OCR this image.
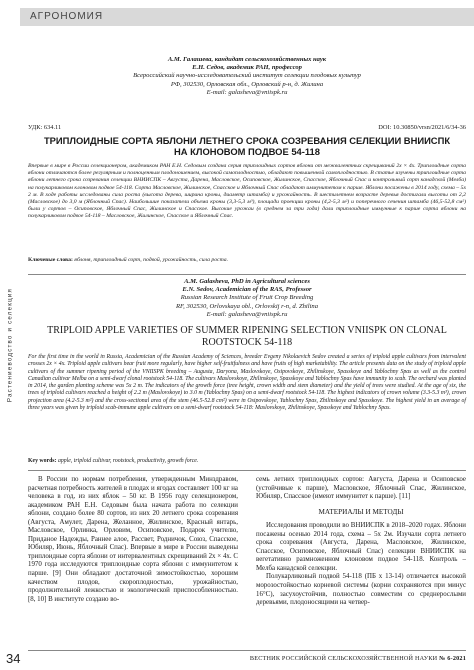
АГРОНОМИЯ
Растениеводство и селекция
А.М. Галашева, кандидат сельскохозяйственных наук
Е.Н. Седов, академик РАН, профессор
Всероссийский научно-исследовательский институт селекции плодовых культур
РФ, 302530, Орловская обл., Орловский р-н, д. Жилина
E-mail: galasheva@vniispk.ru
УДК: 634.11	DOI: 10.30850/vrsn/2021/6/34-36
ТРИПЛОИДНЫЕ СОРТА ЯБЛОНИ ЛЕТНЕГО СРОКА СОЗРЕВАНИЯ СЕЛЕКЦИИ ВНИИСПК НА КЛОНОВОМ ПОДВОЕ 54-118
Впервые в мире в России селекционером, академиком РАН Е.Н. Седовым создана серия триплоидных сортов яблони от межвалентных скрещиваний 2x × 4x. Триплоидные сорта яблони отличаются более регулярным и полноценным плодоношением, высокой самоплодностью, обладают повышенной самоплодностью. В статье изучены триплоидные сорта яблони летнего срока созревания селекции ВНИИСПК – Августа, Дарена, Масловское, Осиповское, Жилинское, Спасское, Яблочный Спас и контрольный сорт канадской (Мелба) на полукарликовом клоновом подвое 54-118. Сорта Масловское, Жилинское, Спасское и Яблочный Спас обладают иммунитетом к парше. Яблони посажены в 2014 году, схема – 5x 2 м. В ходе работы исследованы сила роста (высота дерева, ширина кроны, диаметр штамба) и урожайность. В шестилетнем возрасте деревья достигали высоты от 2,2 (Масловское) до 3,0 м (Яблочный Спас). Наибольшие показатели объема кроны (3,3-5,3 м³), площади проекции кроны (4,2-5,3 м²) и поперечного сечения штамба (46,5-52,8 см²) были у сортов – Осиповское, Яблочный Спас, Жилинское и Спасское. Высокие урожаи (в среднем за три года) дали триплоидные иммунные к парше сорта яблони на полукарликовом подвое 54-118 – Масловское, Жилинское, Спасское и Яблочный Спас.
Ключевые слова: яблоня, триплоидный сорт, подвой, урожайность, сила роста.
A.M. Galasheva, PhD in Agricultural sciences
E.N. Sedov, Academician of the RAS, Professor
Russian Research Institute of Fruit Crop Breeding
RF, 302530, Orlovskaya obl., Orlovskij r-n, d. Zhilina
E-mail: galasheva@vniispk.ru
TRIPLOID APPLE VARIETIES OF SUMMER RIPENING SELECTION VNIISPK ON CLONAL ROOTSTOCK 54-118
For the first time in the world in Russia, Academician of the Russian Academy of Sciences, breeder Evgeny Nikolaevich Sedov created a series of triploid apple cultivars from intervalent crosses 2x × 4x. Triploid apple cultivars bear fruit more regularly, have higher self-fruitfulness and have fruits of high marketability. The article presents data on the study of triploid apple cultivars of the summer ripening period of the VNIISPK breeding – Augusta, Daryona, Maslovskoye, Osipovskoye, Zhilinskoye, Spasskoye and Yablochny Spas as well as the control Canadian cultivar Melba on a semi-dwarf clonal rootstock 54-118. The cultivars Maslovskoye, Zhilinskoye, Spasskoye and Yablochny Spas have immunity to scab. The orchard was planted in 2014, the garden planting scheme was 5x 2 m. The indicators of the growth force (tree height, crown width and stem diameter) and the yield of trees were studied. At the age of six, the trees of triploid cultivars reached a height of 2.2 m (Maslovskoye) to 3.0 m (Yablochny Spas) on a semi-dwarf rootstock 54-118. The highest indicators of crown volume (3.3-5.3 m³), crown projection area (4.2-5.3 m²) and the cross-sectional area of the stem (46.5-52.8 cm²) were in Osipovskoye, Yablochny Spas, Zhilinskoye and Spasskoye. The highest yield in an average of three years was given by triploid scab-immune apple cultivars on a semi-dwarf rootstock 54-118: Maslovskoye, Zhilinskoye, Spasskoye and Yablochny Spas.
Key words: apple, triploid cultivar, rootstock, productivity, growth force.

В России по нормам потребления, утвержденным Минздравом, расчетная потребность жителей в плодах и ягодах составляет 100 кг на человека в год, из них яблок – 50 кг. В 1956 году селекционером, академиком РАН Е.Н. Седовым была начата работа по селекции яблони, создано более 80 сортов, из них 20 летнего срока созревания (Августа, Амулет, Дарена, Желанное, Жилинское, Красный янтарь, Масловское, Орлинка, Орловим, Осиповское, Подарок учителю, Приданое Надежды, Раннее алое, Рассвет, Родничок, Союз, Спасское, Юбиляр, Июнь, Яблочный Спас). Впервые в мире в России выведены триплоидные сорта яблони от интервалентных скрещиваний 2x × 4x. С 1970 года исследуются триплоидные сорта яблони с иммунитетом к парше. [9] Они обладают достаточной зимостойкостью, хорошим качеством плодов, скороплодностью, урожайностью, продолжительной лежкостью и экологической приспособленностью. [8, 10] В институте создано во-

семь летних триплоидных сортов: Августа, Дарена и Осиповское (устойчивые к парше), Масловское, Яблочный Спас, Жилинское, Юбиляр, Спасское (имеют иммунитет к парше). [11]

МАТЕРИАЛЫ И МЕТОДЫ

Исследования проводили во ВНИИСПК в 2018–2020 годах. Яблони посажены осенью 2014 года, схема – 5x 2м. Изучали сорта летнего срока созревания (Августа, Дарена, Масловское, Жилинское, Спасское, Осиповское, Яблочный Спас) селекции ВНИИСПК на вегетативно размноженном клоновом подвое 54-118. Контроль – Мелба канадской селекции.

Полукарликовый подвой 54-118 (ПБ х 13-14) отличается высокой морозостойкостью корневой системы (корни сохраняются при минус 16°С), засухоустойчив, полностью совместим со среднерослыми деревьями, плодоносящими на четвер-

34	ВЕСТНИК РОССИЙСКОЙ СЕЛЬСКОХОЗЯЙСТВЕННОЙ НАУКИ № 6-2021
